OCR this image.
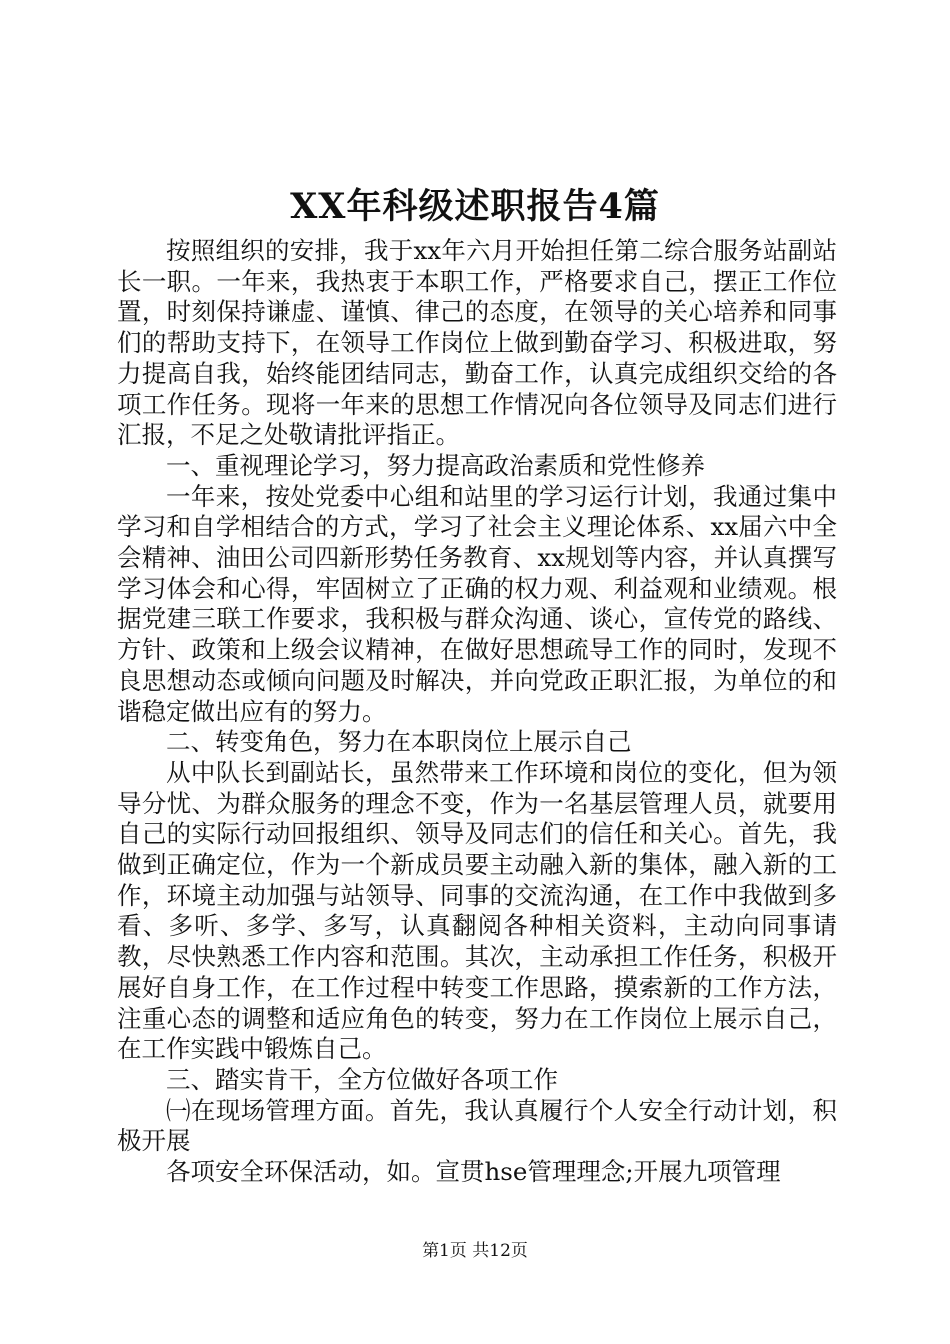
XX年科级述职报告4篇

按照组织的安排，我于xx年六月开始担任第二综合服务站副站长一职。一年来，我热衷于本职工作，严格要求自己，摆正工作位置，时刻保持谦虚、谨慎、律己的态度，在领导的关心培养和同事们的帮助支持下，在领导工作岗位上做到勤奋学习、积极进取，努力提高自我，始终能团结同志，勤奋工作，认真完成组织交给的各项工作任务。现将一年来的思想工作情况向各位领导及同志们进行汇报，不足之处敬请批评指正。

一、重视理论学习，努力提高政治素质和党性修养

一年来，按处党委中心组和站里的学习运行计划，我通过集中学习和自学相结合的方式，学习了社会主义理论体系、xx届六中全会精神、油田公司四新形势任务教育、xx规划等内容，并认真撰写学习体会和心得，牢固树立了正确的权力观、利益观和业绩观。根据党建三联工作要求，我积极与群众沟通、谈心，宣传党的路线、方针、政策和上级会议精神，在做好思想疏导工作的同时，发现不良思想动态或倾向问题及时解决，并向党政正职汇报，为单位的和谐稳定做出应有的努力。

二、转变角色，努力在本职岗位上展示自己

从中队长到副站长，虽然带来工作环境和岗位的变化，但为领导分忧、为群众服务的理念不变，作为一名基层管理人员，就要用自己的实际行动回报组织、领导及同志们的信任和关心。首先，我做到正确定位，作为一个新成员要主动融入新的集体，融入新的工作，环境主动加强与站领导、同事的交流沟通，在工作中我做到多看、多听、多学、多写，认真翻阅各种相关资料，主动向同事请教，尽快熟悉工作内容和范围。其次，主动承担工作任务，积极开展好自身工作，在工作过程中转变工作思路，摸索新的工作方法，注重心态的调整和适应角色的转变，努力在工作岗位上展示自己，在工作实践中锻炼自己。

三、踏实肯干，全方位做好各项工作

㈠在现场管理方面。首先，我认真履行个人安全行动计划，积极开展

各项安全环保活动，如。宣贯hse管理理念;开展九项管理

第1页 共12页
